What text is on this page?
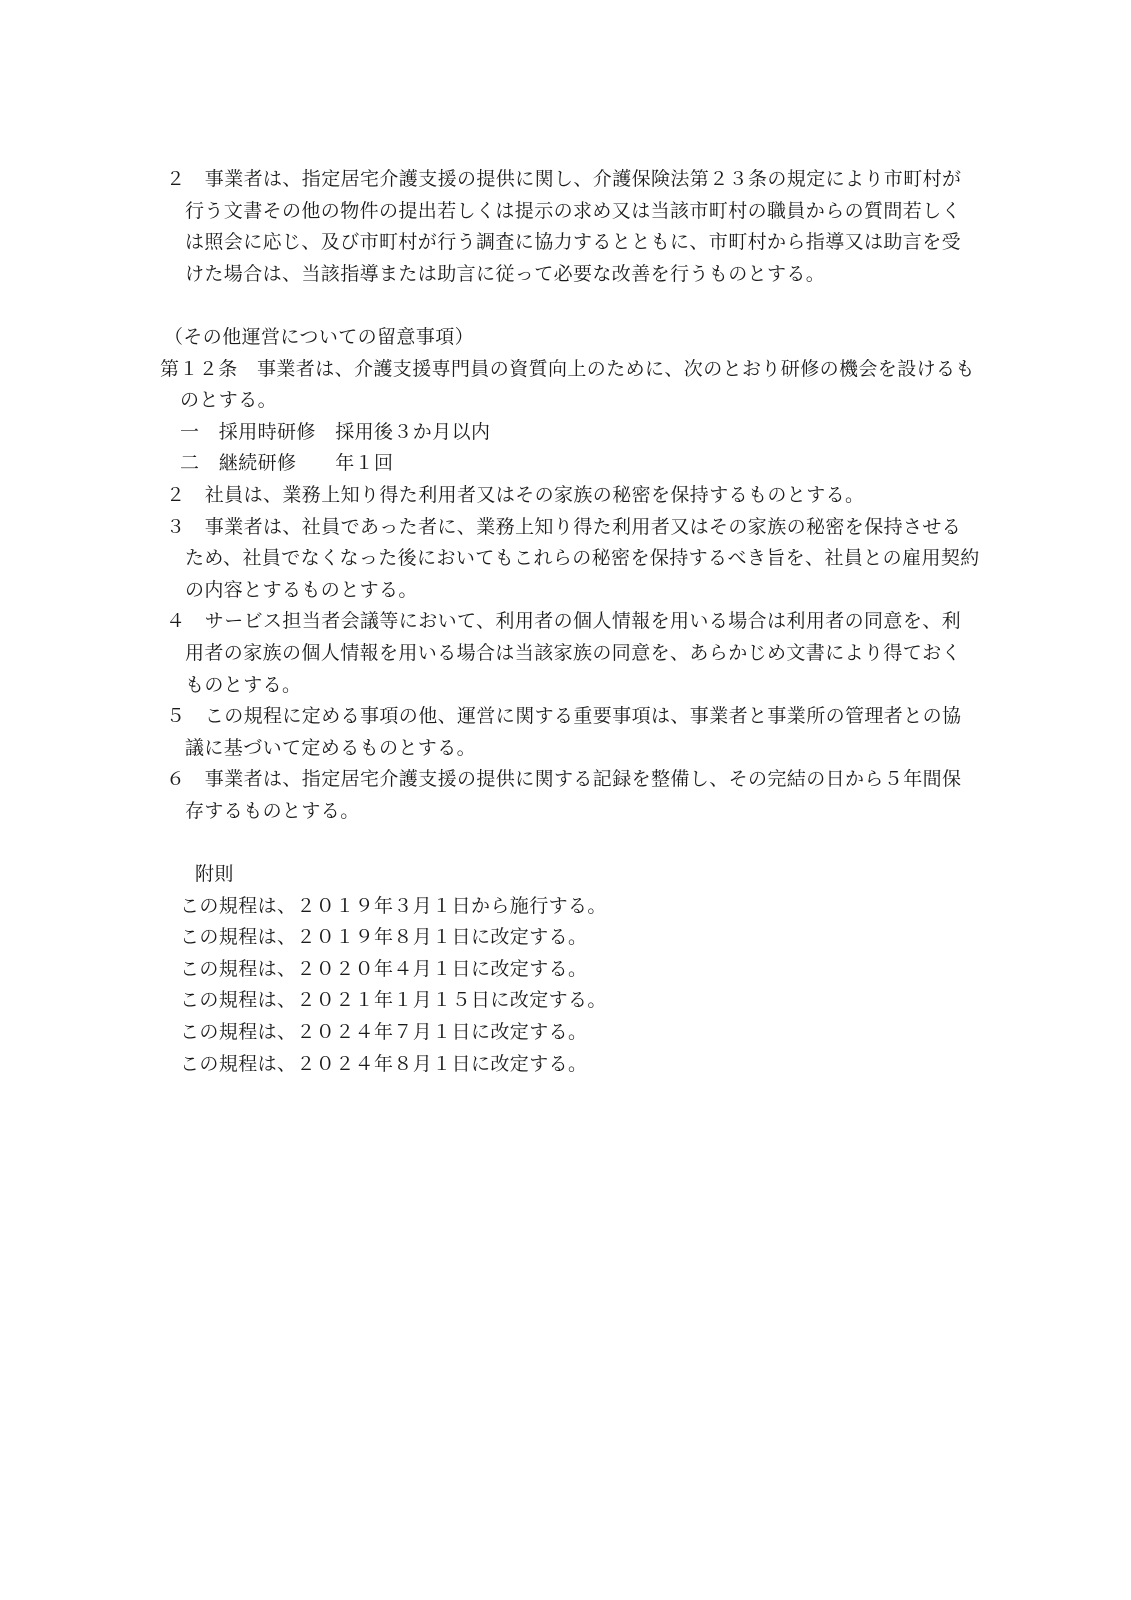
２　事業者は、指定居宅介護支援の提供に関し、介護保険法第２３条の規定により市町村が行う文書その他の物件の提出若しくは提示の求め又は当該市町村の職員からの質問若しくは照会に応じ、及び市町村が行う調査に協力するとともに、市町村から指導又は助言を受けた場合は、当該指導または助言に従って必要な改善を行うものとする。

（その他運営についての留意事項）

第１２条　事業者は、介護支援専門員の資質向上のために、次のとおり研修の機会を設けるものとする。

一　採用時研修　採用後３か月以内

二　継続研修　　年１回

２　社員は、業務上知り得た利用者又はその家族の秘密を保持するものとする。

３　事業者は、社員であった者に、業務上知り得た利用者又はその家族の秘密を保持させるため、社員でなくなった後においてもこれらの秘密を保持するべき旨を、社員との雇用契約の内容とするものとする。

４　サービス担当者会議等において、利用者の個人情報を用いる場合は利用者の同意を、利用者の家族の個人情報を用いる場合は当該家族の同意を、あらかじめ文書により得ておくものとする。

５　この規程に定める事項の他、運営に関する重要事項は、事業者と事業所の管理者との協議に基づいて定めるものとする。

６　事業者は、指定居宅介護支援の提供に関する記録を整備し、その完結の日から５年間保存するものとする。

附則

この規程は、２０１９年３月１日から施行する。

この規程は、２０１９年８月１日に改定する。

この規程は、２０２０年４月１日に改定する。

この規程は、２０２１年１月１５日に改定する。

この規程は、２０２４年７月１日に改定する。

この規程は、２０２４年８月１日に改定する。
